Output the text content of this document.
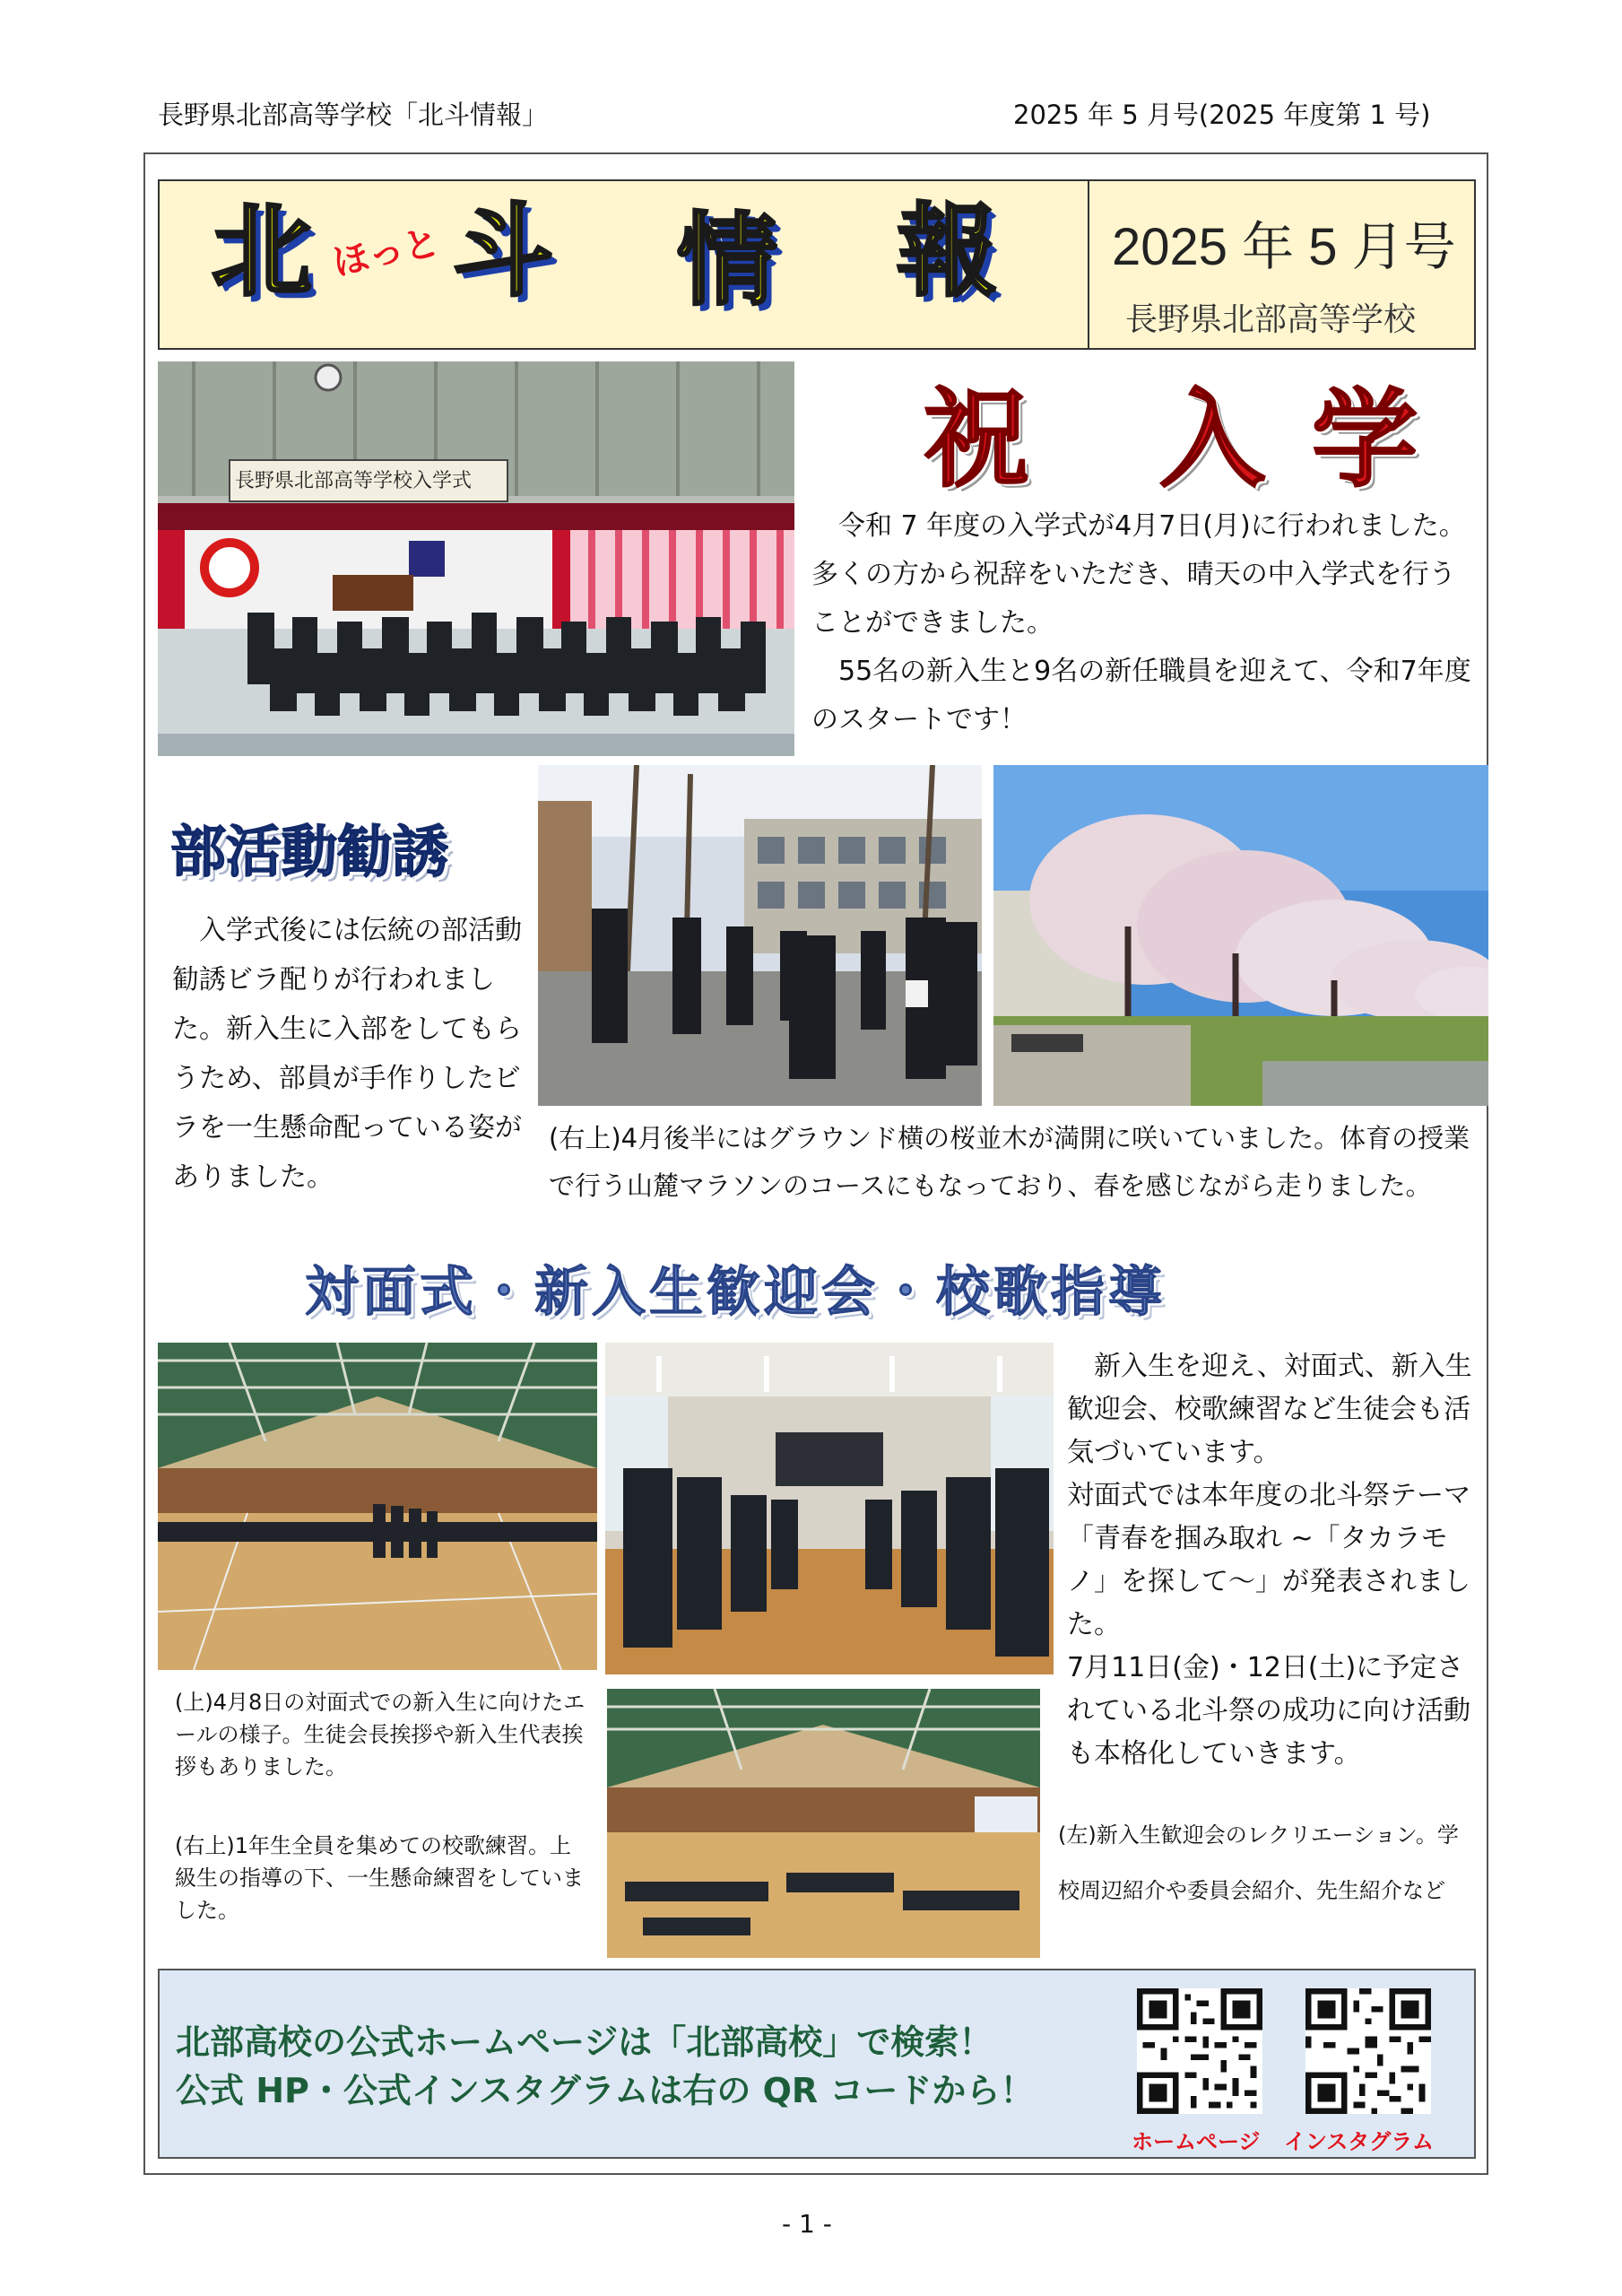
長野県北部高等学校「北斗情報」	2025 年 5 月号(2025 年度第 1 号)
北 ほっと 斗 情 報 2025 年 5 月号
長野県北部高等学校
長野県北部高等学校入学式	祝 入学

令和 7 年度の入学式が4月7日(月)に行われました。多くの方から祝辞をいただき、晴天の中入学式を行うことができました。

55名の新入生と9名の新任職員を迎えて、令和7年度のスタートです！

部活動勧誘

入学式後には伝統の部活動勧誘ビラ配りが行われました。新入生に入部をしてもらうため、部員が手作りしたビラを一生懸命配っている姿がありました。

(右上)4月後半にはグラウンド横の桜並木が満開に咲いていました。体育の授業で行う山麓マラソンのコースにもなっており、春を感じながら走りました。

対面式・新入生歓迎会・校歌指導

新入生を迎え、対面式、新入生歓迎会、校歌練習など生徒会も活気づいています。

対面式では本年度の北斗祭テーマ「青春を掴み取れ ~「タカラモノ」を探して～」が発表されました。

7月11日(金)・12日(土)に予定されている北斗祭の成功に向け活動も本格化していきます。

(上)4月8日の対面式での新入生に向けたエールの様子。生徒会長挨拶や新入生代表挨拶もありました。

(右上)1年生全員を集めての校歌練習。上級生の指導の下、一生懸命練習をしていました。

(左)新入生歓迎会のレクリエーション。学校周辺紹介や委員会紹介、先生紹介など

北部高校の公式ホームページは「北部高校」で検索！
公式 HP・公式インスタグラムは右の QR コードから！
ホームページ インスタグラム
- 1 -
